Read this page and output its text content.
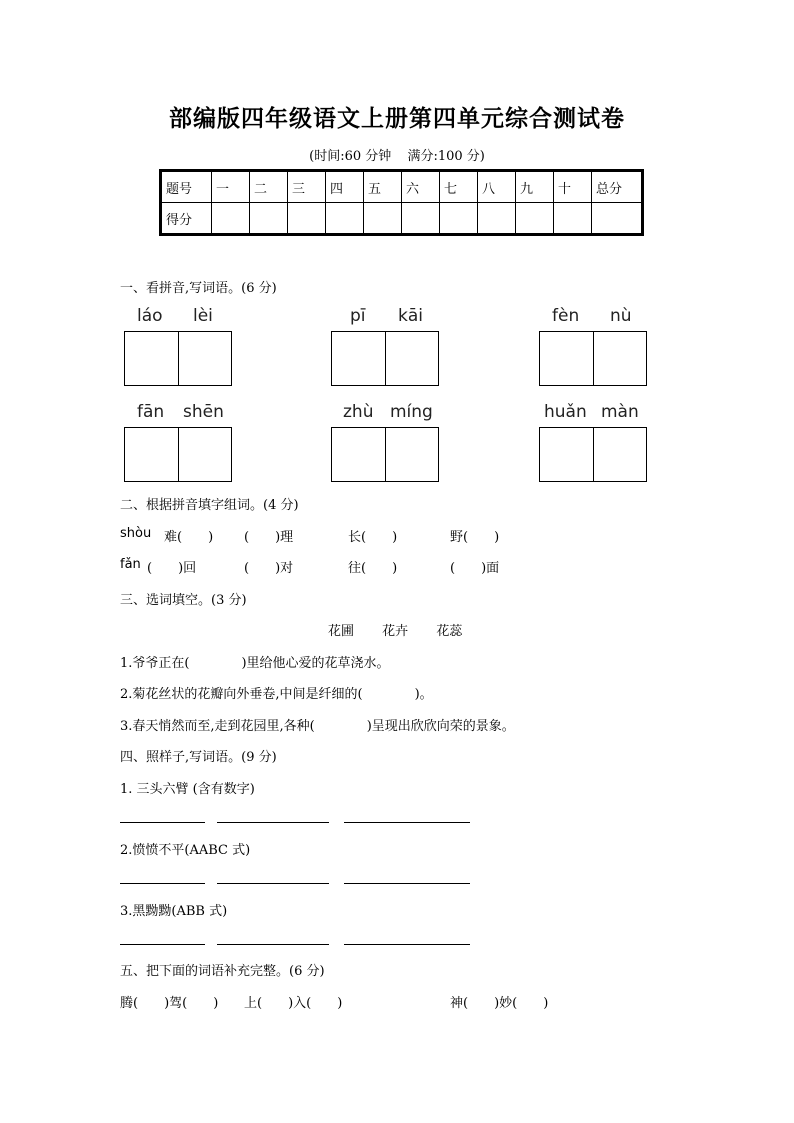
部编版四年级语文上册第四单元综合测试卷
(时间:60 分钟 满分:100 分)
题号	一	二	三	四	五	六	七	八	九	十	总分
得分											
一、看拼音,写词语。(6 分)
láo lèi	pī kāi	fèn nù
fān shēn	zhù míng	huǎn màn
二、根据拼音填字组词。(4 分)
shòu 难(　　) (　　)理	长(　　)	野(　　)
fǎn (　　)回	(　　)对	往(　　)	(　　)面
三、选词填空。(3 分)
花圃 花卉 花蕊
1.爷爷正在(　　　　)里给他心爱的花草浇水。
2.菊花丝状的花瓣向外垂卷,中间是纤细的(　　　　)。
3.春天悄然而至,走到花园里,各种(　　　　)呈现出欣欣向荣的景象。
四、照样子,写词语。(9 分)
1. 三头六臂 (含有数字)
2.愤愤不平(AABC 式)
3.黑黝黝(ABB 式)
五、把下面的词语补充完整。(6 分)
腾(　　)驾(　　) 上(　　)入(　　)	神(　　)妙(　　)
